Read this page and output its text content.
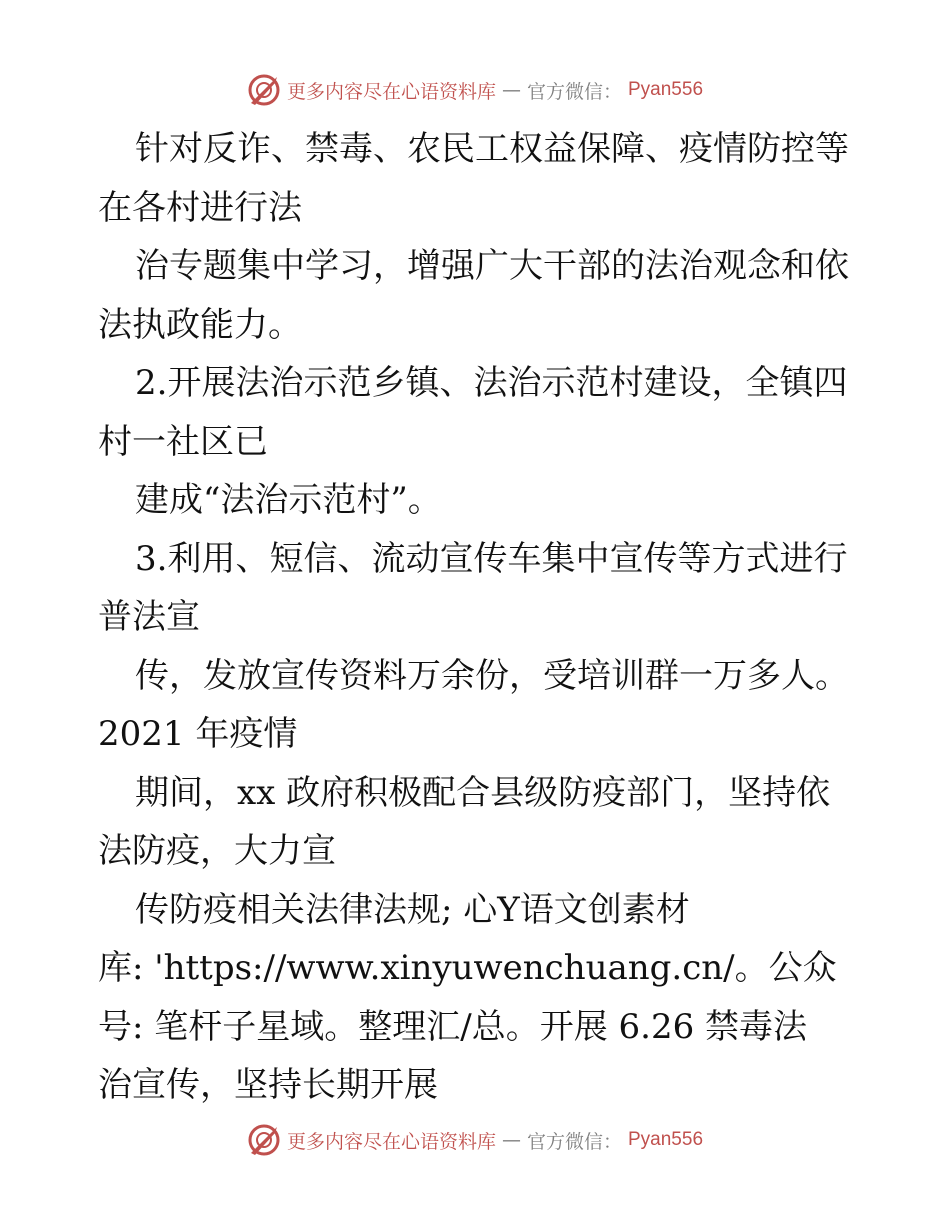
更多内容尽在心语资料库 — 官方微信： Pyan556
针对反诈、禁毒、农民工权益保障、疫情防控等
在各村进行法
治专题集中学习，增强广大干部的法治观念和依
法执政能力。
2.开展法治示范乡镇、法治示范村建设，全镇四
村一社区已
建成“法治示范村”。
3.利用、短信、流动宣传车集中宣传等方式进行
普法宣
传，发放宣传资料万余份，受培训群一万多人。
2021 年疫情
期间，xx 政府积极配合县级防疫部门，坚持依
法防疫，大力宣
传防疫相关法律法规; 心Y语文创素材
库: 'https://www.xinyuwenchuang.cn/。公众
号: 笔杆子星域。整理汇/总。开展 6.26 禁毒法
治宣传，坚持长期开展
更多内容尽在心语资料库 — 官方微信： Pyan556
